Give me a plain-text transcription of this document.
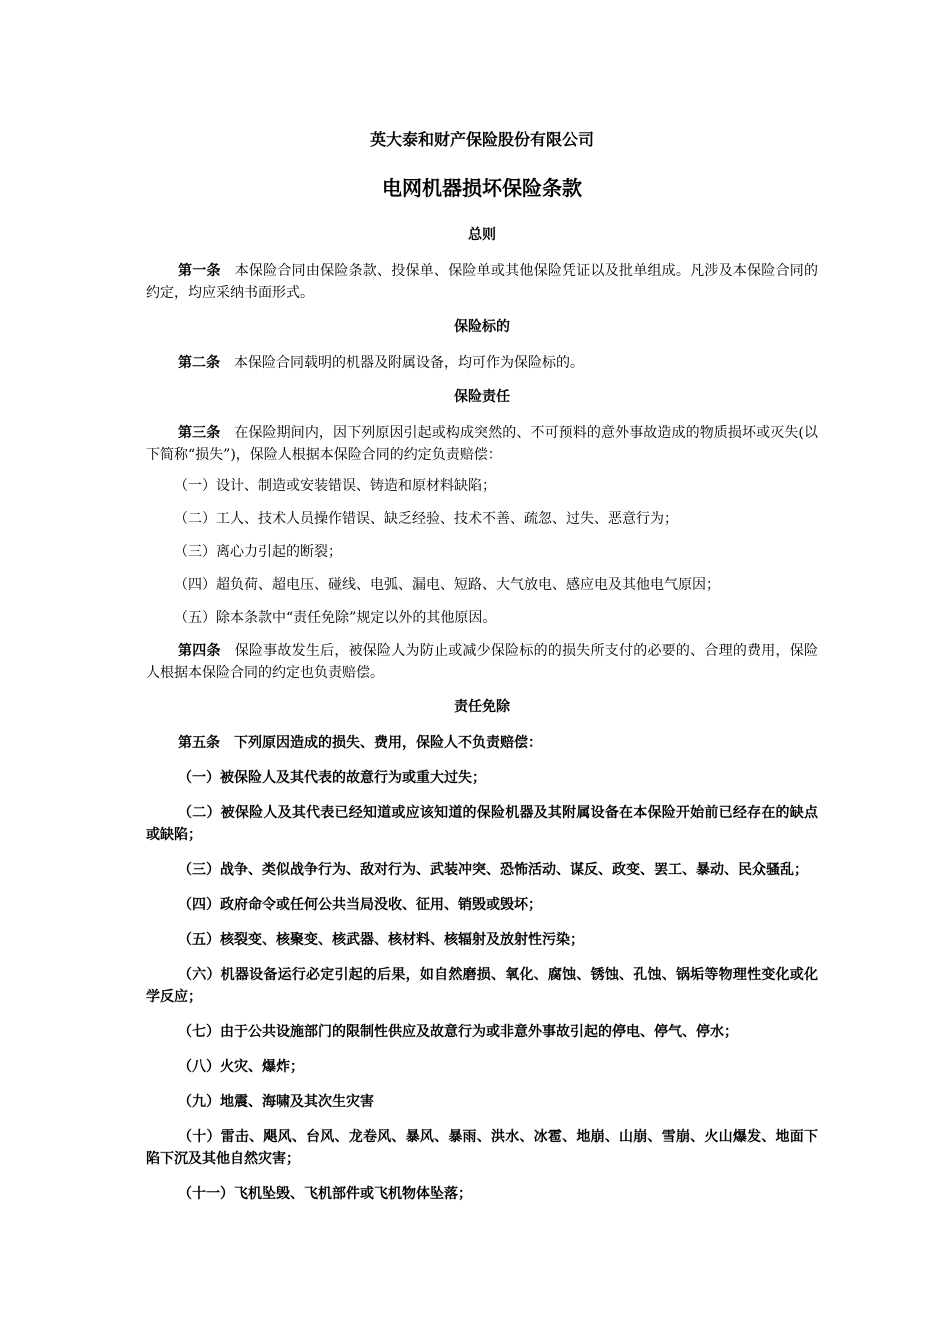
英大泰和财产保险股份有限公司
电网机器损坏保险条款
总则

第一条 本保险合同由保险条款、投保单、保险单或其他保险凭证以及批单组成。凡涉及本保险合同的约定，均应采纳书面形式。

保险标的

第二条 本保险合同载明的机器及附属设备，均可作为保险标的。

保险责任

第三条 在保险期间内，因下列原因引起或构成突然的、不可预料的意外事故造成的物质损坏或灭失(以下简称“损失”)，保险人根据本保险合同的约定负责赔偿：

（一）设计、制造或安装错误、铸造和原材料缺陷；
（二）工人、技术人员操作错误、缺乏经验、技术不善、疏忽、过失、恶意行为；
（三）离心力引起的断裂；
（四）超负荷、超电压、碰线、电弧、漏电、短路、大气放电、感应电及其他电气原因；
（五）除本条款中“责任免除”规定以外的其他原因。

第四条 保险事故发生后，被保险人为防止或减少保险标的的损失所支付的必要的、合理的费用，保险人根据本保险合同的约定也负责赔偿。

责任免除

第五条 下列原因造成的损失、费用，保险人不负责赔偿：

（一）被保险人及其代表的故意行为或重大过失；

（二）被保险人及其代表已经知道或应该知道的保险机器及其附属设备在本保险开始前已经存在的缺点或缺陷；

（三）战争、类似战争行为、敌对行为、武装冲突、恐怖活动、谋反、政变、罢工、暴动、民众骚乱；

（四）政府命令或任何公共当局没收、征用、销毁或毁坏；

（五）核裂变、核聚变、核武器、核材料、核辐射及放射性污染；

（六）机器设备运行必定引起的后果，如自然磨损、氧化、腐蚀、锈蚀、孔蚀、锅垢等物理性变化或化学反应；

（七）由于公共设施部门的限制性供应及故意行为或非意外事故引起的停电、停气、停水；

（八）火灾、爆炸；

（九）地震、海啸及其次生灾害

（十）雷击、飓风、台风、龙卷风、暴风、暴雨、洪水、冰雹、地崩、山崩、雪崩、火山爆发、地面下陷下沉及其他自然灾害；

（十一）飞机坠毁、飞机部件或飞机物体坠落；
